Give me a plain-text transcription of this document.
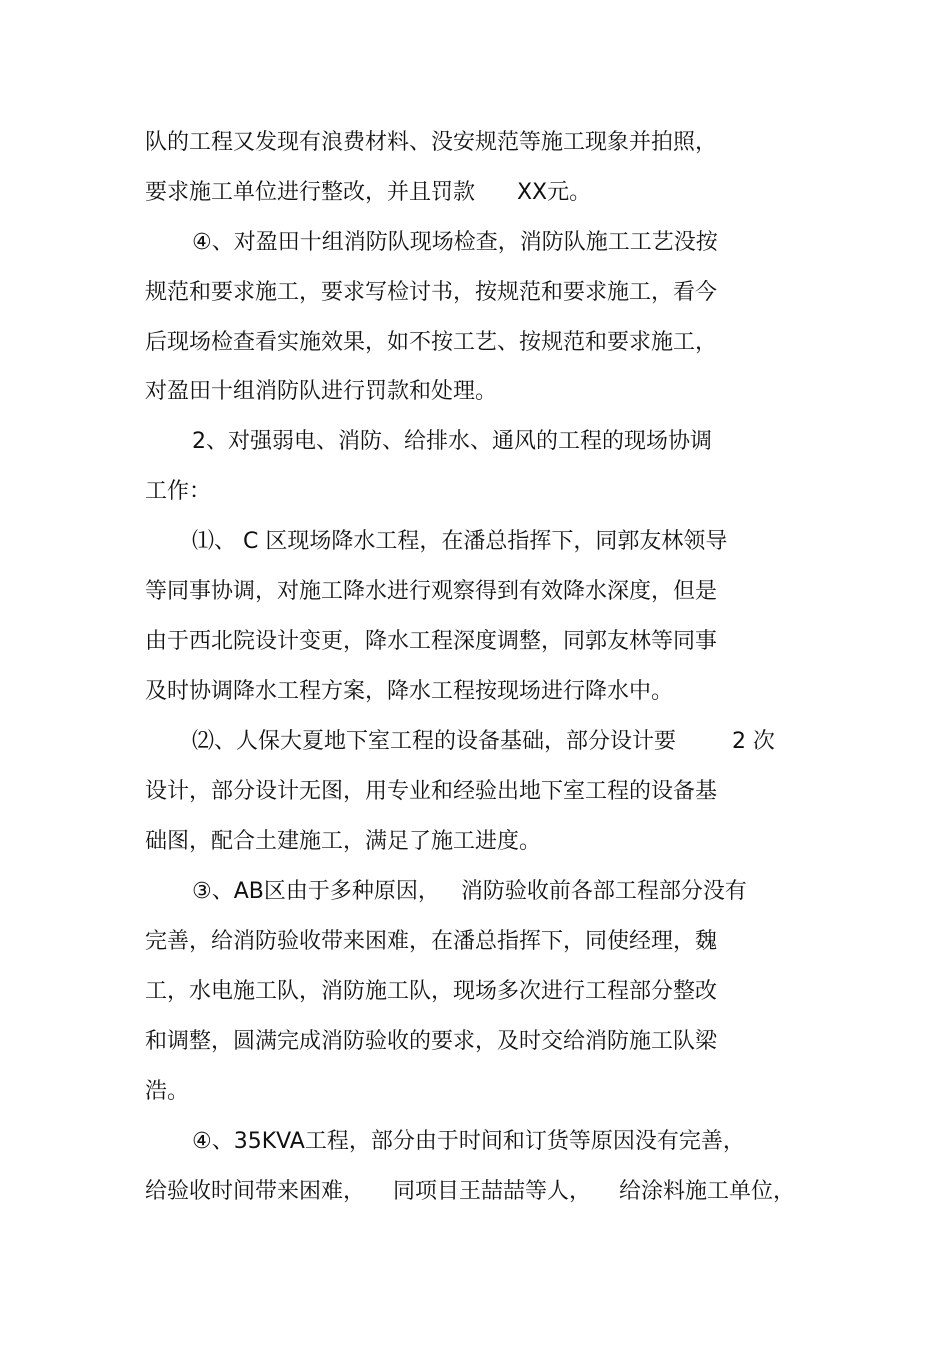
队的工程又发现有浪费材料、没安规范等施工现象并拍照，
要求施工单位进行整改，并且罚款      XX元。
④、对盈田十组消防队现场检查，消防队施工工艺没按
规范和要求施工，要求写检讨书，按规范和要求施工，看今
后现场检查看实施效果，如不按工艺、按规范和要求施工，
对盈田十组消防队进行罚款和处理。
2、对强弱电、消防、给排水、通风的工程的现场协调
工作：
⑴、 C 区现场降水工程，在潘总指挥下，同郭友林领导
等同事协调，对施工降水进行观察得到有效降水深度，但是
由于西北院设计变更，降水工程深度调整，同郭友林等同事
及时协调降水工程方案，降水工程按现场进行降水中。
⑵、人保大夏地下室工程的设备基础，部分设计要        2 次
设计，部分设计无图，用专业和经验出地下室工程的设备基
础图，配合土建施工，满足了施工进度。
③、AB区由于多种原因，   消防验收前各部工程部分没有
完善，给消防验收带来困难，在潘总指挥下，同使经理，魏
工，水电施工队，消防施工队，现场多次进行工程部分整改
和调整，圆满完成消防验收的要求，及时交给消防施工队梁
浩。
④、35KVA工程，部分由于时间和订货等原因没有完善，
给验收时间带来困难，    同项目王喆喆等人，    给涂料施工单位，
